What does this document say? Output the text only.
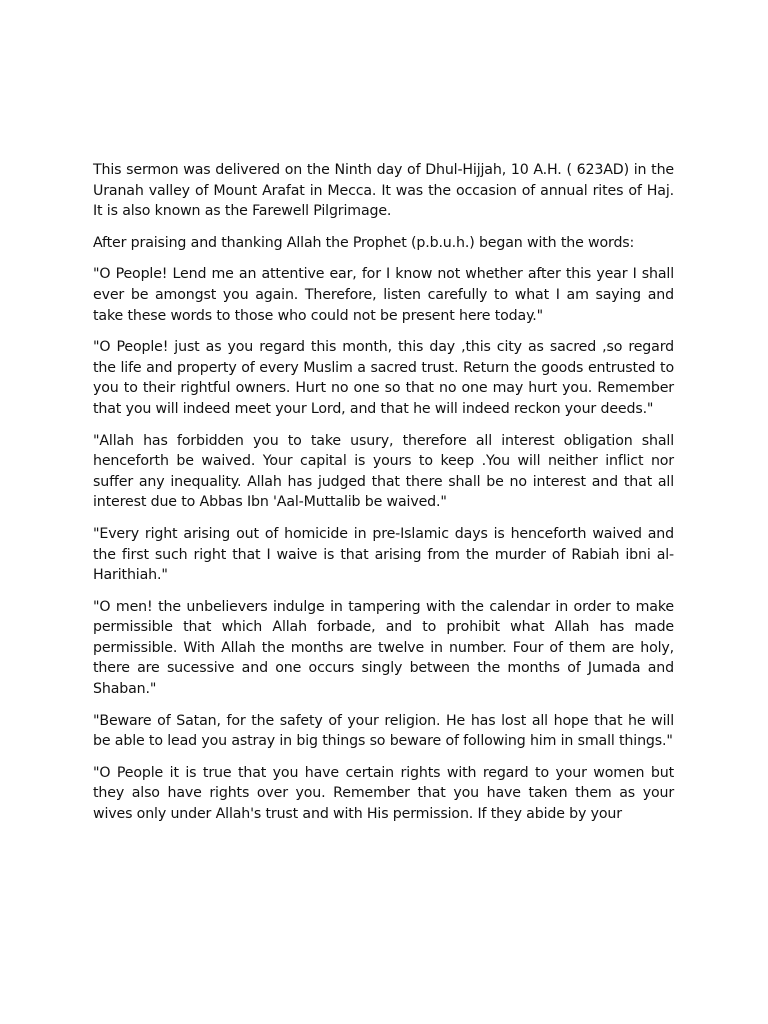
This sermon was delivered on the Ninth day of Dhul-Hijjah, 10 A.H. ( 623AD) in the Uranah valley of Mount Arafat in Mecca. It was the occasion of annual rites of Haj. It is also known as the Farewell Pilgrimage.

After praising and thanking Allah the Prophet (p.b.u.h.) began with the words:

"O People! Lend me an attentive ear, for I know not whether after this year I shall ever be amongst you again. Therefore, listen carefully to what I am saying and take these words to those who could not be present here today."

"O People! just as you regard this month, this day ,this city as sacred ,so regard the life and property of every Muslim a sacred trust. Return the goods entrusted to you to their rightful owners. Hurt no one so that no one may hurt you. Remember that you will indeed meet your Lord, and that he will indeed reckon your deeds."

"Allah has forbidden you to take usury, therefore all interest obligation shall henceforth be waived. Your capital is yours to keep .You will neither inflict nor suffer any inequality. Allah has judged that there shall be no interest and that all interest due to Abbas Ibn 'Aal-Muttalib be waived."

"Every right arising out of homicide in pre-Islamic days is henceforth waived and the first such right that I waive is that arising from the murder of Rabiah ibni al-Harithiah."

"O men! the unbelievers indulge in tampering with the calendar in order to make permissible that which Allah forbade, and to prohibit what Allah has made permissible. With Allah the months are twelve in number. Four of them are holy, there are sucessive and one occurs singly between the months of Jumada and Shaban."

"Beware of Satan, for the safety of your religion. He has lost all hope that he will be able to lead you astray in big things so beware of following him in small things."

"O People it is true that you have certain rights with regard to your women but they also have rights over you. Remember that you have taken them as your wives only under Allah's trust and with His permission. If they abide by your
